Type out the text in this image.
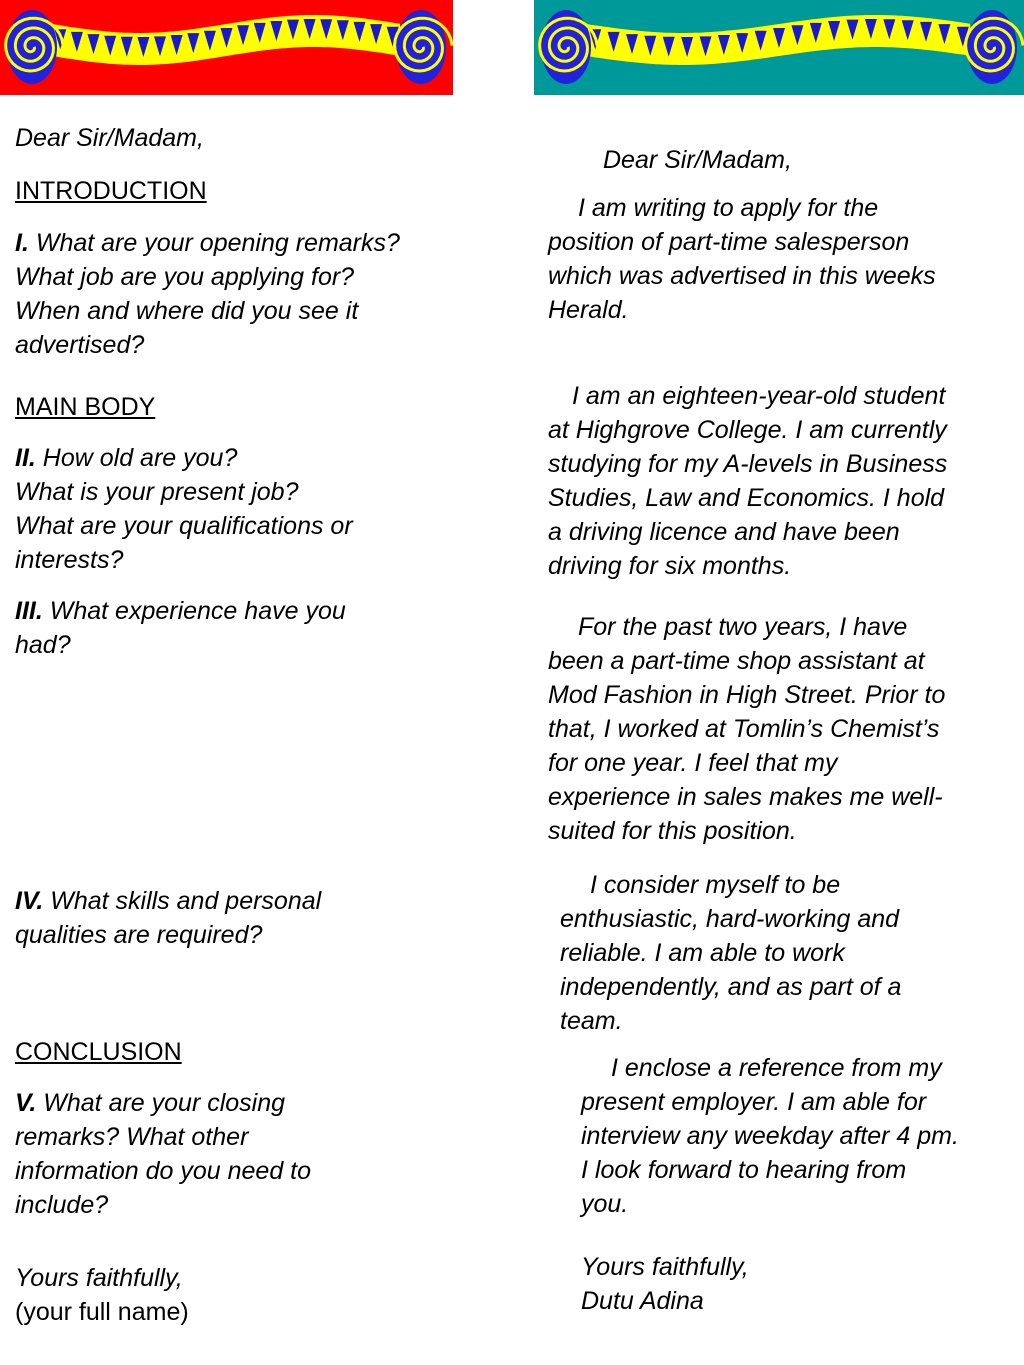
Dear Sir/Madam,

INTRODUCTION

I. What are your opening remarks?
What job are you applying for?
When and where did you see it
advertised?

MAIN BODY

II. How old are you?
What is your present job?
What are your qualifications or
interests?

III. What experience have you
had?

IV. What skills and personal
qualities are required?

CONCLUSION

V. What are your closing
remarks? What other
information do you need to
include?

Yours faithfully,

(your full name)

Dear Sir/Madam,

I am writing to apply for the
position of part-time salesperson
which was advertised in this weeks
Herald.

I am an eighteen-year-old student
at Highgrove College. I am currently
studying for my A-levels in Business
Studies, Law and Economics. I hold
a driving licence and have been
driving for six months.

For the past two years, I have
been a part-time shop assistant at
Mod Fashion in High Street. Prior to
that, I worked at Tomlin’s Chemist’s
for one year. I feel that my
experience in sales makes me well-
suited for this position.

I consider myself to be
enthusiastic, hard-working and
reliable. I am able to work
independently, and as part of a
team.

I enclose a reference from my
present employer. I am able for
interview any weekday after 4 pm.
I look forward to hearing from
you.

Yours faithfully,
Dutu Adina
